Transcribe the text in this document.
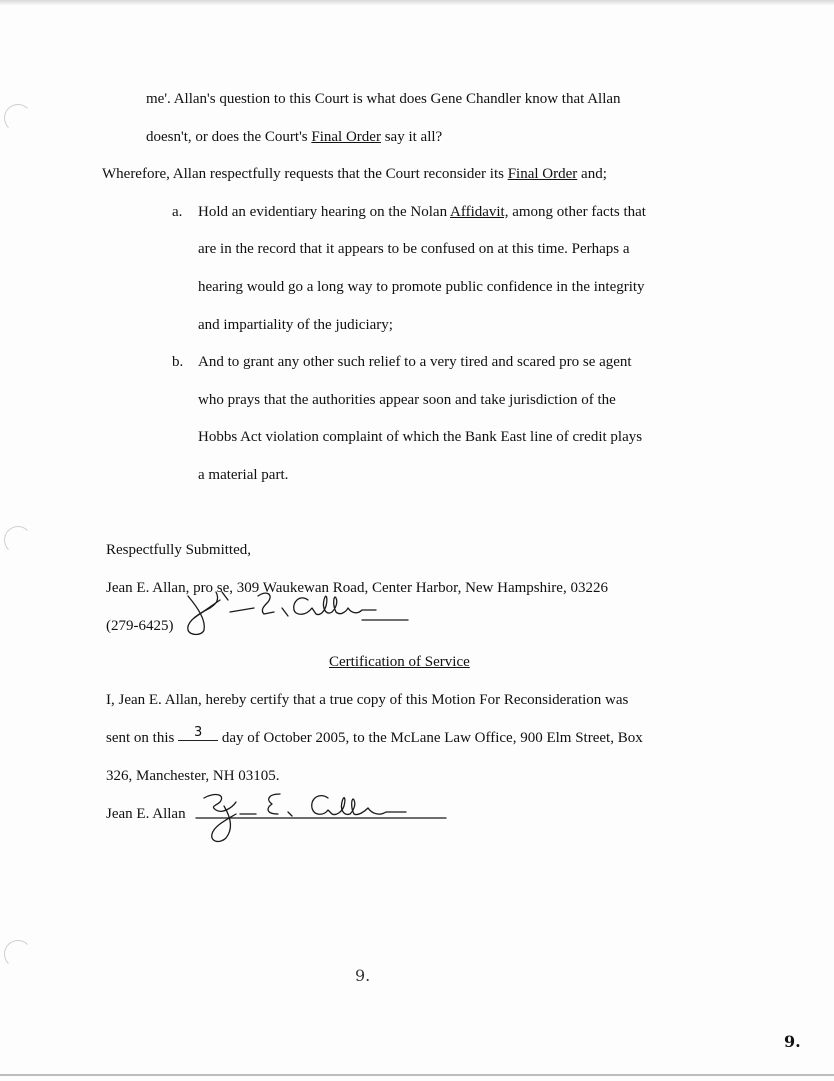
me'. Allan's question to this Court is what does Gene Chandler know that Allan
doesn't, or does the Court's Final Order say it all?
Wherefore, Allan respectfully requests that the Court reconsider its Final Order and;
a. Hold an evidentiary hearing on the Nolan Affidavit, among other facts that
are in the record that it appears to be confused on at this time. Perhaps a
hearing would go a long way to promote public confidence in the integrity
and impartiality of the judiciary;
b. And to grant any other such relief to a very tired and scared pro se agent
who prays that the authorities appear soon and take jurisdiction of the
Hobbs Act violation complaint of which the Bank East line of credit plays
a material part.
Respectfully Submitted,
Jean E. Allan, pro se, 309 Waukewan Road, Center Harbor, New Hampshire, 03226
(279-6425)
Certification of Service
I, Jean E. Allan, hereby certify that a true copy of this Motion For Reconsideration was
sent on this 3 day of October 2005, to the McLane Law Office, 900 Elm Street, Box
326, Manchester, NH 03105.
Jean E. Allan
9.
9.
